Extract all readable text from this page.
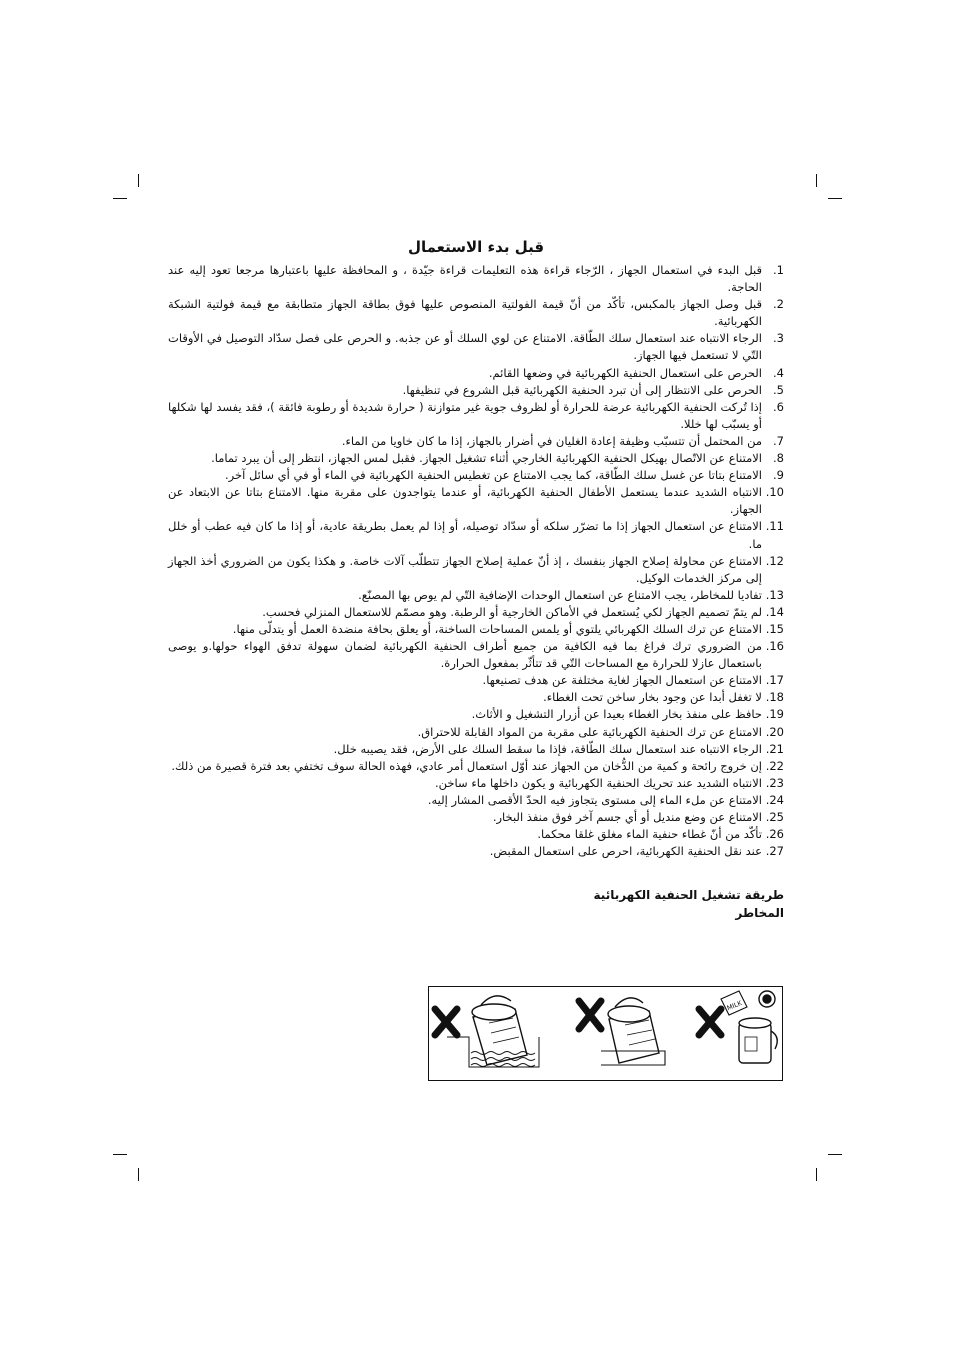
قبل بدء الاستعمال
1.
قبل البدء في استعمال الجهاز ، الرّجاء قراءة هذه التعليمات قراءة جيّدة ، و المحافظة عليها باعتبارها مرجعا تعود إليه عند الحاجة.
2.
قبل وصل الجهاز بالمكبس، تأكّد من أنّ قيمة الفولتية المنصوص عليها فوق بطاقة الجهاز متطابقة مع قيمة فولتية الشبكة الكهربائية.
3.
الرجاء الانتباه عند استعمال سلك الطّاقة. الامتناع عن لوي السلك أو عن جذبه. و الحرص على فصل سدّاد التوصيل في الأوقات التّي لا تستعمل فيها الجهاز.
4.
الحرص على استعمال الحنفية الكهربائية في وضعها القائم.
5.
الحرص على الانتظار إلى أن تبرد الحنفية الكهربائية قبل الشروع في تنظيفها.
6.
إذا تُركت الحنفية الكهربائية عرضة للحرارة أو لظروف جوية غير متوازنة ( حرارة شديدة أو رطوبة فائقة )، فقد يفسد لها شكلها أو يسبّب لها خللا.
7.
من المحتمل أن تتسبّب وظيفة إعادة الغليان في أضرار بالجهاز، إذا ما كان خاويا من الماء.
8.
الامتناع عن الاتّصال بهيكل الحنفية الكهربائية الخارجي أثناء تشغيل الجهاز. فقبل لمس الجهاز، انتظر إلى أن يبرد تماما.
9.
الامتناع بتاتا عن غسل سلك الطّاقة، كما يجب الامتناع عن تغطيس الحنفية الكهربائية في الماء أو في أي سائل آخر.
10.
الانتباه الشديد عندما يستعمل الأطفال الحنفية الكهربائية، أو عندما يتواجدون على مقربة منها. الامتناع بتاتا عن الابتعاد عن الجهاز.
11.
الامتناع عن استعمال الجهاز إذا ما تضرّر سلكه أو سدّاد توصيله، أو إذا لم يعمل بطريقة عادية، أو إذا ما كان فيه عطب أو خلل ما.
12.
الامتناع عن محاولة إصلاح الجهاز بنفسك ، إذ أنّ عملية إصلاح الجهاز تتطلّب آلات خاصة. و هكذا يكون من الضروري أخذ الجهاز إلى مركز الخدمات الوكيل.
13.
تفاديا للمخاطر، يجب الامتناع عن استعمال الوحدات الإضافية التّي لم يوص بها المصنّع.
14.
لم يتمّ تصميم الجهاز لكي يُستعمل في الأماكن الخارجية أو الرطبة. وهو مصمّم للاستعمال المنزلي فحسب.
15.
الامتناع عن ترك السلك الكهربائي يلتوي أو يلمس المساحات الساخنة، أو يعلق بحافة منضدة العمل أو يتدلّى منها.
16.
من الضروري ترك فراغ بما فيه الكافية من جميع أطراف الحنفية الكهربائية لضمان سهولة تدفق الهواء حولها.و يوصى باستعمال عازلا للحرارة مع المساحات التّي قد تتأثّر بمفعول الحرارة.
17.
الامتناع عن استعمال الجهاز لغاية مختلفة عن هدف تصنيعها.
18.
لا تغفل أبدا عن وجود بخار ساخن تحت الغطاء.
19.
حافظ على منفذ بخار الغطاء بعيدا عن أزرار التشغيل و الأثاث.
20.
الامتناع عن ترك الحنفية الكهربائية على مقربة من المواد القابلة للاحتراق.
21.
الرجاء الانتباه عند استعمال سلك الطّاقة، فإذا ما سقط السلك على الأرض، فقد يصيبه خلل.
22.
إن خروج رائحة و كمية من الدُّخان من الجهاز عند أوّل استعمال أمر عادي، فهذه الحالة سوف تختفي بعد فترة قصيرة من ذلك.
23.
الانتباه الشديد عند تحريك الحنفية الكهربائية و يكون داخلها ماء ساخن.
24.
الامتناع عن ملء الماء إلى مستوى يتجاوز فيه الحدّ الأقصى المشار إليه.
25.
الامتناع عن وضع منديل أو أي جسم آخر فوق منفذ البخار.
26.
تأكّد من أنّ غطاء حنفية الماء مغلق غلقا محكما.
27.
عند نقل الحنفية الكهربائية، احرص على استعمال المقبض.
طريقة تشغيل الحنفية الكهربائية
المخاطر
MILK
